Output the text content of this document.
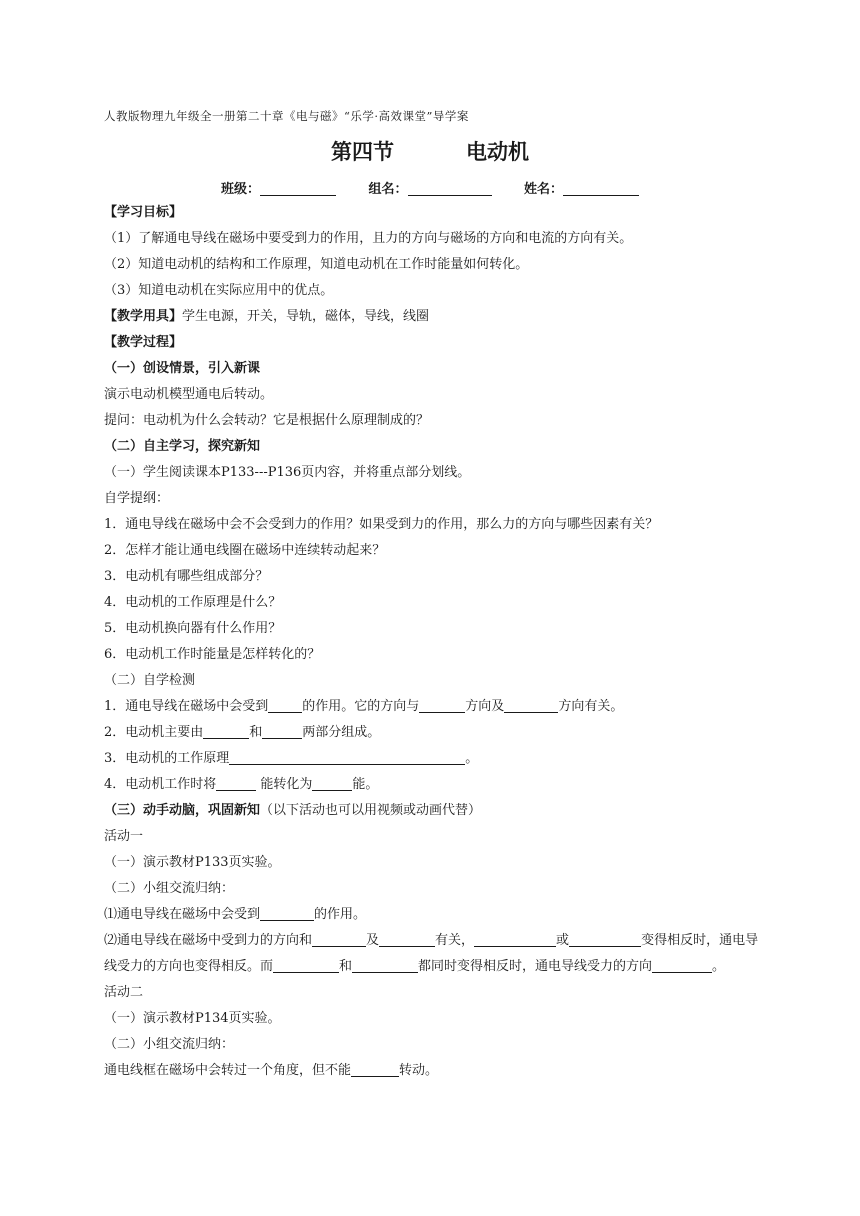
人教版物理九年级全一册第二十章《电与磁》“乐学·高效课堂”导学案
第四节	电动机
班级：	组名：	姓名：
【学习目标】
（1）了解通电导线在磁场中要受到力的作用，且力的方向与磁场的方向和电流的方向有关。
（2）知道电动机的结构和工作原理，知道电动机在工作时能量如何转化。
（3）知道电动机在实际应用中的优点。
【教学用具】学生电源，开关，导轨，磁体，导线，线圈
【教学过程】
（一）创设情景，引入新课
演示电动机模型通电后转动。
提问：电动机为什么会转动？它是根据什么原理制成的？
（二）自主学习，探究新知
（一）学生阅读课本P133---P136页内容，并将重点部分划线。
自学提纲：
1．通电导线在磁场中会不会受到力的作用？如果受到力的作用，那么力的方向与哪些因素有关？
2．怎样才能让通电线圈在磁场中连续转动起来？
3．电动机有哪些组成部分？
4．电动机的工作原理是什么？
5．电动机换向器有什么作用？
6．电动机工作时能量是怎样转化的？
（二）自学检测
1．通电导线在磁场中会受到	的作用。它的方向与	方向及	方向有关。
2．电动机主要由	和	两部分组成。
3．电动机的工作原理	。
4．电动机工作时将	能转化为	能。
（三）动手动脑，巩固新知（以下活动也可以用视频或动画代替）
活动一
（一）演示教材P133页实验。
（二）小组交流归纳：
⑴通电导线在磁场中会受到	的作用。
⑵通电导线在磁场中受到力的方向和	及	有关，	或	变得相反时，通电导线受力的方向也变得相反。而	和	都同时变得相反时，通电导线受力的方向	。
活动二
（一）演示教材P134页实验。
（二）小组交流归纳：
通电线框在磁场中会转过一个角度，但不能	转动。
